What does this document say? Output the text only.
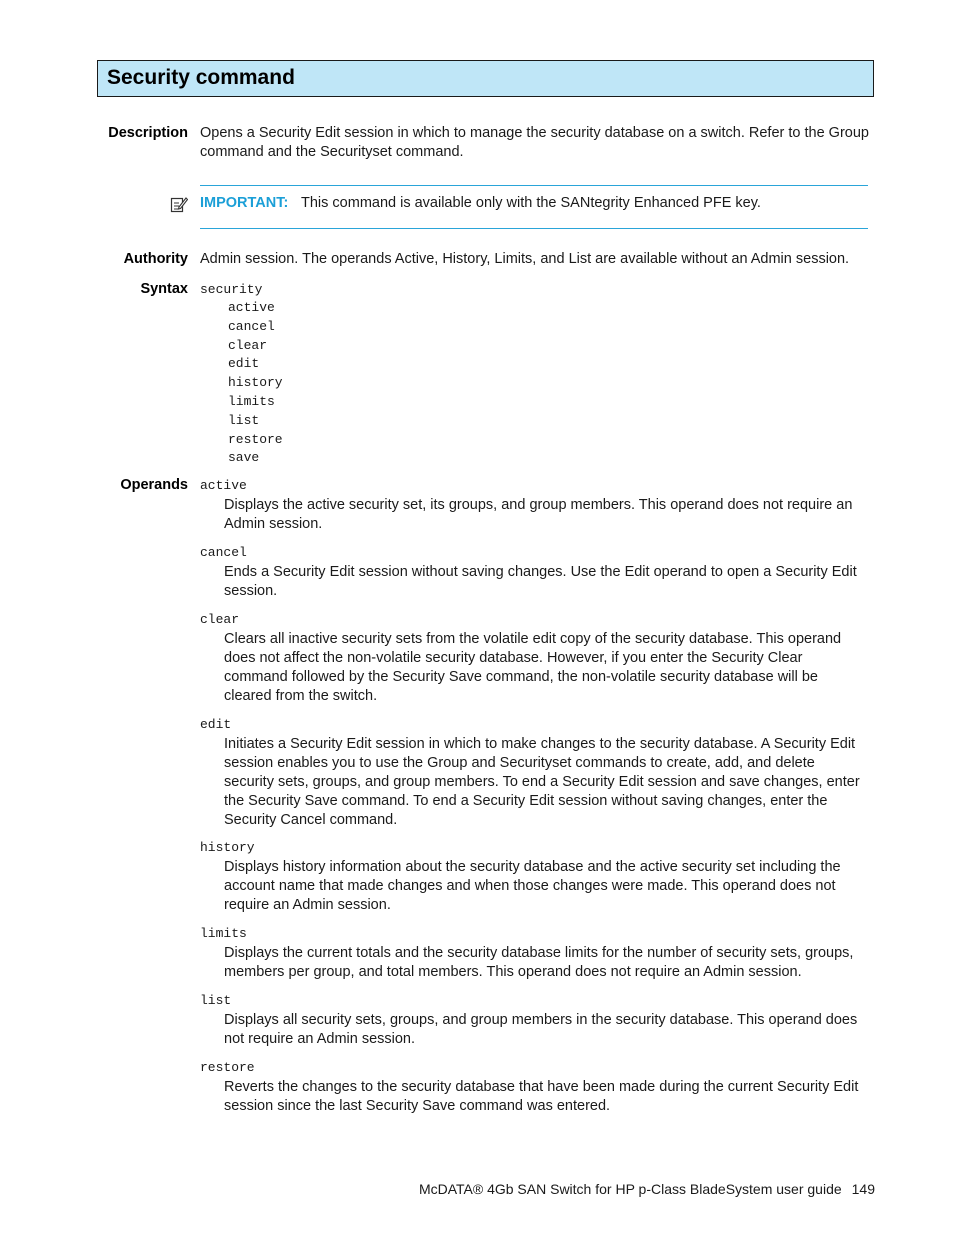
Security command
Description Opens a Security Edit session in which to manage the security database on a switch. Refer to the Group command and the Securityset command.
IMPORTANT: This command is available only with the SANtegrity Enhanced PFE key.
Authority Admin session. The operands Active, History, Limits, and List are available without an Admin session.
Syntax security
active
cancel
clear
edit
history
limits
list
restore
save
Operands active
Displays the active security set, its groups, and group members. This operand does not require an Admin session.
cancel
Ends a Security Edit session without saving changes. Use the Edit operand to open a Security Edit session.
clear
Clears all inactive security sets from the volatile edit copy of the security database. This operand does not affect the non-volatile security database. However, if you enter the Security Clear command followed by the Security Save command, the non-volatile security database will be cleared from the switch.
edit
Initiates a Security Edit session in which to make changes to the security database. A Security Edit session enables you to use the Group and Securityset commands to create, add, and delete security sets, groups, and group members. To end a Security Edit session and save changes, enter the Security Save command. To end a Security Edit session without saving changes, enter the Security Cancel command.
history
Displays history information about the security database and the active security set including the account name that made changes and when those changes were made. This operand does not require an Admin session.
limits
Displays the current totals and the security database limits for the number of security sets, groups, members per group, and total members. This operand does not require an Admin session.
list
Displays all security sets, groups, and group members in the security database. This operand does not require an Admin session.
restore
Reverts the changes to the security database that have been made during the current Security Edit session since the last Security Save command was entered.
McDATA® 4Gb SAN Switch for HP p-Class BladeSystem user guide 149
